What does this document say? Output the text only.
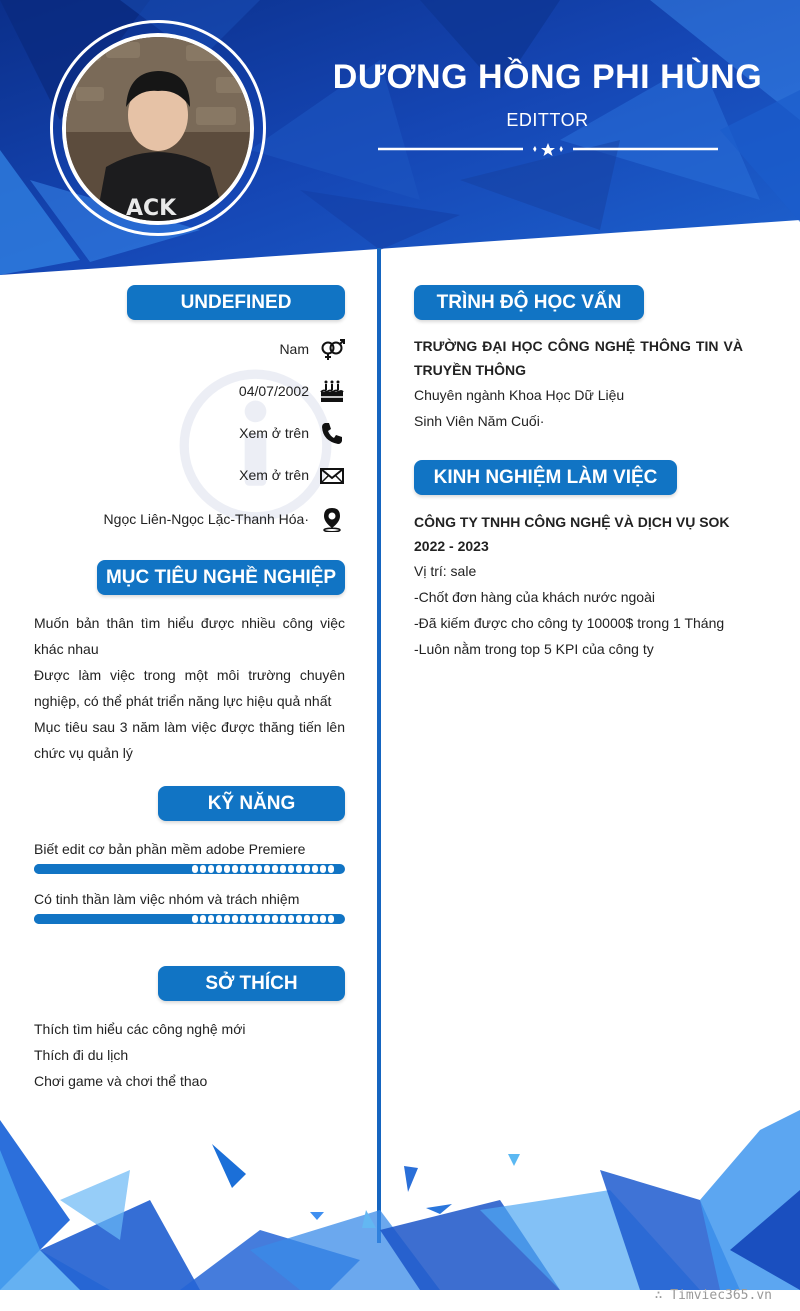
ACK
DƯƠNG HỒNG PHI HÙNG
EDITTOR
UNDEFINED
Nam
04/07/2002
Xem ở trên
Xem ở trên
Ngọc Liên-Ngọc Lặc-Thanh Hóa·
MỤC TIÊU NGHỀ NGHIỆP
Muốn bản thân tìm hiểu được nhiều công việc khác nhau
Được làm việc trong một môi trường chuyên nghiệp, có thể phát triển năng lực hiệu quả nhất
Mục tiêu sau 3 năm làm việc được thăng tiến lên chức vụ quản lý
KỸ NĂNG
Biết edit cơ bản phần mềm adobe Premiere
Có tinh thần làm việc nhóm và trách nhiệm
SỞ THÍCH
Thích tìm hiểu các công nghệ mới
Thích đi du lịch
Chơi game và chơi thể thao
TRÌNH ĐỘ HỌC VẤN
TRƯỜNG ĐẠI HỌC CÔNG NGHỆ THÔNG TIN VÀ TRUYỀN THÔNG
Chuyên ngành Khoa Học Dữ Liệu
Sinh Viên Năm Cuối·
KINH NGHIỆM LÀM VIỆC
CÔNG TY TNHH CÔNG NGHỆ VÀ DỊCH VỤ SOK
2022 - 2023
Vị trí: sale
-Chốt đơn hàng của khách nước ngoài
-Đã kiếm được cho công ty 10000$ trong 1 Tháng
-Luôn nằm trong top 5 KPI của công ty
∴ Timviec365.vn
